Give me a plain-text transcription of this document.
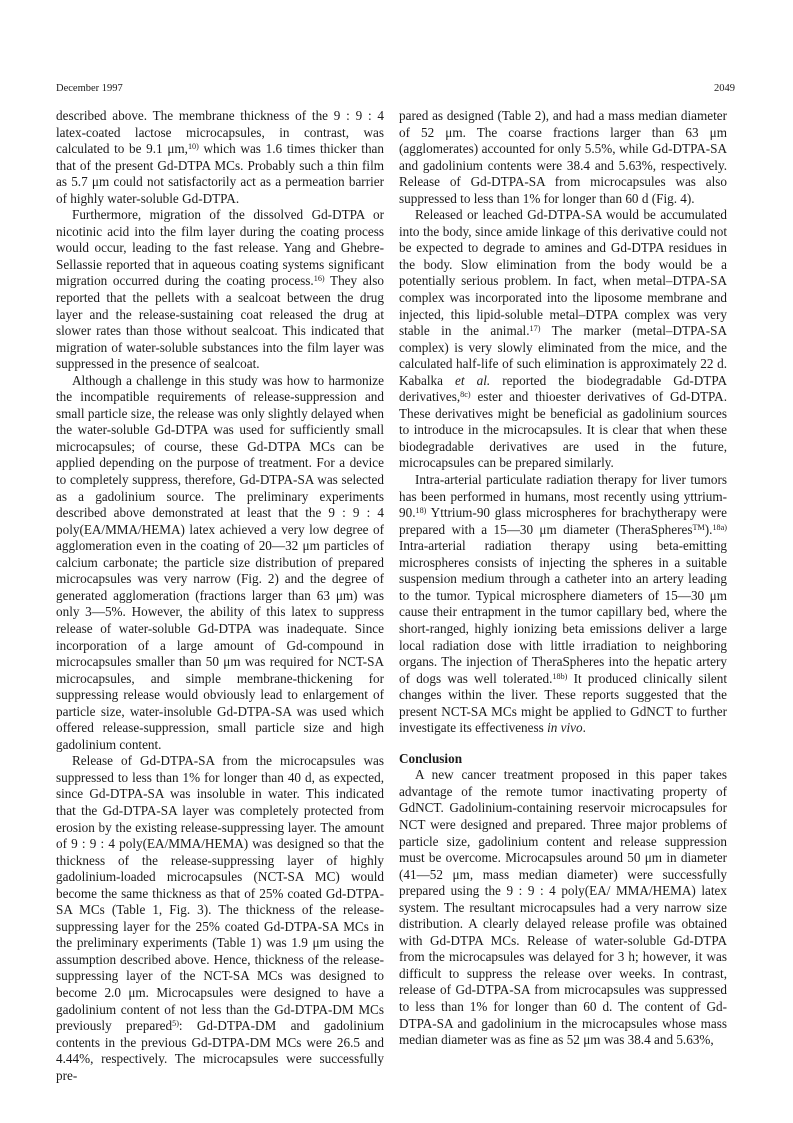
December 1997	2049

described above. The membrane thickness of the 9 : 9 : 4 latex-coated lactose microcapsules, in contrast, was calculated to be 9.1 μm,$^{10)}$ which was 1.6 times thicker than that of the present Gd-DTPA MCs. Probably such a thin film as 5.7 μm could not satisfactorily act as a permeation barrier of highly water-soluble Gd-DTPA.

Furthermore, migration of the dissolved Gd-DTPA or nicotinic acid into the film layer during the coating process would occur, leading to the fast release. Yang and Ghebre-Sellassie reported that in aqueous coating systems significant migration occurred during the coating process.$^{16)}$ They also reported that the pellets with a sealcoat between the drug layer and the release-sustaining coat released the drug at slower rates than those without sealcoat. This indicated that migration of water-soluble substances into the film layer was suppressed in the presence of sealcoat.

Although a challenge in this study was how to harmonize the incompatible requirements of release-suppression and small particle size, the release was only slightly delayed when the water-soluble Gd-DTPA was used for sufficiently small microcapsules; of course, these Gd-DTPA MCs can be applied depending on the purpose of treatment. For a device to completely suppress, therefore, Gd-DTPA-SA was selected as a gadolinium source. The preliminary experiments described above demonstrated at least that the 9 : 9 : 4 poly(EA/MMA/HEMA) latex achieved a very low degree of agglomeration even in the coating of 20—32 μm particles of calcium carbonate; the particle size distribution of prepared microcapsules was very narrow (Fig. 2) and the degree of generated agglomeration (fractions larger than 63 μm) was only 3—5%. However, the ability of this latex to suppress release of water-soluble Gd-DTPA was inadequate. Since incorporation of a large amount of Gd-compound in microcapsules smaller than 50 μm was required for NCT-SA microcapsules, and simple membrane-thickening for suppressing release would obviously lead to enlargement of particle size, water-insoluble Gd-DTPA-SA was used which offered release-suppression, small particle size and high gadolinium content.

Release of Gd-DTPA-SA from the microcapsules was suppressed to less than 1% for longer than 40 d, as expected, since Gd-DTPA-SA was insoluble in water. This indicated that the Gd-DTPA-SA layer was completely protected from erosion by the existing release-suppressing layer. The amount of 9 : 9 : 4 poly(EA/MMA/HEMA) was designed so that the thickness of the release-suppressing layer of highly gadolinium-loaded microcapsules (NCT-SA MC) would become the same thickness as that of 25% coated Gd-DTPA-SA MCs (Table 1, Fig. 3). The thickness of the release-suppressing layer for the 25% coated Gd-DTPA-SA MCs in the preliminary experiments (Table 1) was 1.9 μm using the assumption described above. Hence, thickness of the release-suppressing layer of the NCT-SA MCs was designed to become 2.0 μm. Microcapsules were designed to have a gadolinium content of not less than the Gd-DTPA-DM MCs previously prepared$^{5)}$: Gd-DTPA-DM and gadolinium contents in the previous Gd-DTPA-DM MCs were 26.5 and 4.44%, respectively. The microcapsules were successfully pre-

pared as designed (Table 2), and had a mass median diameter of 52 μm. The coarse fractions larger than 63 μm (agglomerates) accounted for only 5.5%, while Gd-DTPA-SA and gadolinium contents were 38.4 and 5.63%, respectively. Release of Gd-DTPA-SA from microcapsules was also suppressed to less than 1% for longer than 60 d (Fig. 4).

Released or leached Gd-DTPA-SA would be accumulated into the body, since amide linkage of this derivative could not be expected to degrade to amines and Gd-DTPA residues in the body. Slow elimination from the body would be a potentially serious problem. In fact, when metal–DTPA-SA complex was incorporated into the liposome membrane and injected, this lipid-soluble metal–DTPA complex was very stable in the animal.$^{17)}$ The marker (metal–DTPA-SA complex) is very slowly eliminated from the mice, and the calculated half-life of such elimination is approximately 22 d. Kabalka et al. reported the biodegradable Gd-DTPA derivatives,$^{8c)}$ ester and thioester derivatives of Gd-DTPA. These derivatives might be beneficial as gadolinium sources to introduce in the microcapsules. It is clear that when these biodegradable derivatives are used in the future, microcapsules can be prepared similarly.

Intra-arterial particulate radiation therapy for liver tumors has been performed in humans, most recently using yttrium-90.$^{18)}$ Yttrium-90 glass microspheres for brachytherapy were prepared with a 15—30 μm diameter (TheraSpheres™).$^{18a)}$ Intra-arterial radiation therapy using beta-emitting microspheres consists of injecting the spheres in a suitable suspension medium through a catheter into an artery leading to the tumor. Typical microsphere diameters of 15—30 μm cause their entrapment in the tumor capillary bed, where the short-ranged, highly ionizing beta emissions deliver a large local radiation dose with little irradiation to neighboring organs. The injection of TheraSpheres into the hepatic artery of dogs was well tolerated.$^{18b)}$ It produced clinically silent changes within the liver. These reports suggested that the present NCT-SA MCs might be applied to GdNCT to further investigate its effectiveness in vivo.

Conclusion

A new cancer treatment proposed in this paper takes advantage of the remote tumor inactivating property of GdNCT. Gadolinium-containing reservoir microcapsules for NCT were designed and prepared. Three major problems of particle size, gadolinium content and release suppression must be overcome. Microcapsules around 50 μm in diameter (41—52 μm, mass median diameter) were successfully prepared using the 9 : 9 : 4 poly(EA/ MMA/HEMA) latex system. The resultant microcapsules had a very narrow size distribution. A clearly delayed release profile was obtained with Gd-DTPA MCs. Release of water-soluble Gd-DTPA from the microcapsules was delayed for 3 h; however, it was difficult to suppress the release over weeks. In contrast, release of Gd-DTPA-SA from microcapsules was suppressed to less than 1% for longer than 60 d. The content of Gd-DTPA-SA and gadolinium in the microcapsules whose mass median diameter was as fine as 52 μm was 38.4 and 5.63%,
